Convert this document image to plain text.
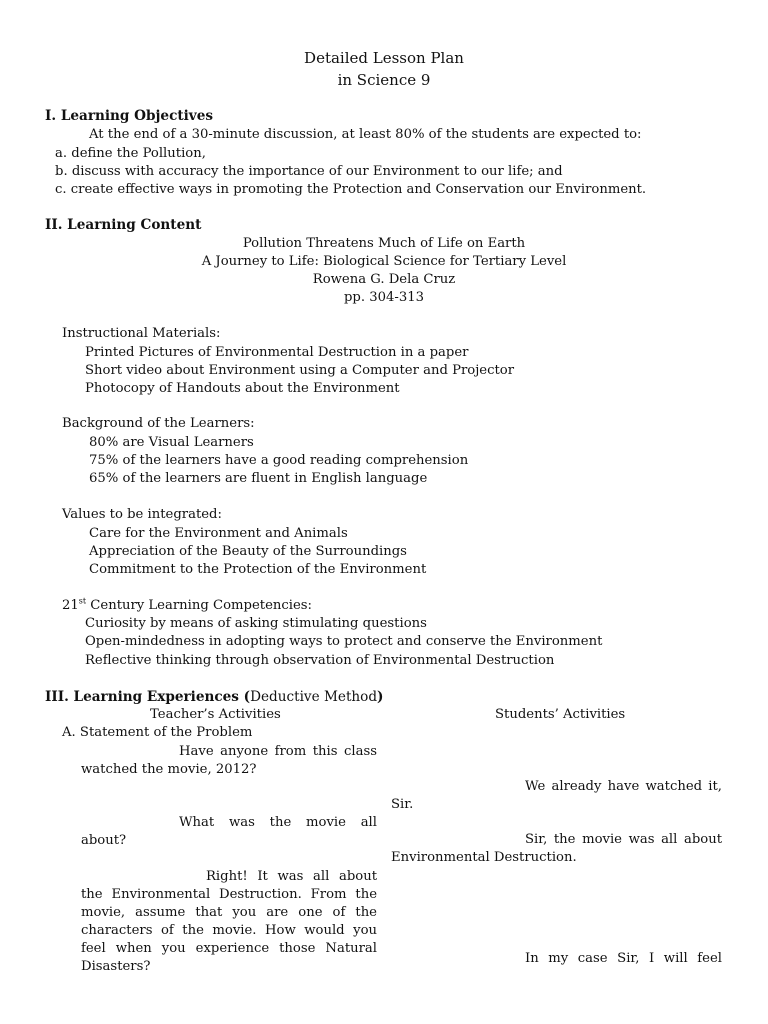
Detailed Lesson Plan
in Science 9
I. Learning Objectives
At the end of a 30-minute discussion, at least 80% of the students are expected to:
a. define the Pollution,
b. discuss with accuracy the importance of our Environment to our life; and
c. create effective ways in promoting the Protection and Conservation our Environment.
II. Learning Content
Pollution Threatens Much of Life on Earth
A Journey to Life: Biological Science for Tertiary Level
Rowena G. Dela Cruz
pp. 304-313
Instructional Materials:
Printed Pictures of Environmental Destruction in a paper
Short video about Environment using a Computer and Projector
Photocopy of Handouts about the Environment
Background of the Learners:
80% are Visual Learners
75% of the learners have a good reading comprehension
65% of the learners are fluent in English language
Values to be integrated:
Care for the Environment and Animals
Appreciation of the Beauty of the Surroundings
Commitment to the Protection of the Environment
21st Century Learning Competencies:
Curiosity by means of asking stimulating questions
Open-mindedness in adopting ways to protect and conserve the Environment
Reflective thinking through observation of Environmental Destruction
III. Learning Experiences (Deductive Method)
Teacher’s Activities	Students’ Activities
A. Statement of the Problem

Have anyone from this class watched the movie, 2012?

What was the movie all about?

Right! It was all about the Environmental Destruction. From the movie, assume that you are one of the characters of the movie. How would you feel when you experience those Natural Disasters?

We already have watched it, Sir.

Sir, the movie was all about Environmental Destruction.

In my case Sir, I will feel
